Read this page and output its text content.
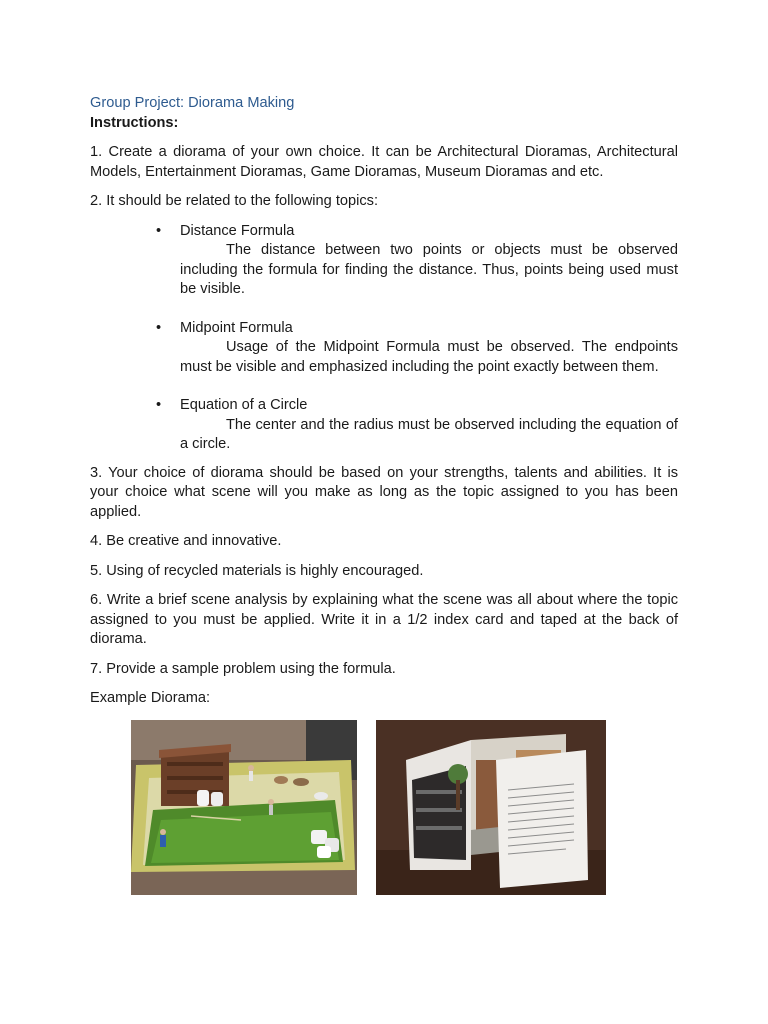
Group Project: Diorama Making
Instructions:

1. Create a diorama of your own choice. It can be Architectural Dioramas, Architectural Models, Entertainment Dioramas, Game Dioramas, Museum Dioramas and etc.

2. It should be related to the following topics:

• Distance Formula
The distance between two points or objects must be observed including the formula for finding the distance. Thus, points being used must be visible.
• Midpoint Formula
Usage of the Midpoint Formula must be observed. The endpoints must be visible and emphasized including the point exactly between them.
• Equation of a Circle
The center and the radius must be observed including the equation of a circle.

3. Your choice of diorama should be based on your strengths, talents and abilities. It is your choice what scene will you make as long as the topic assigned to you has been applied.

4. Be creative and innovative.

5. Using of recycled materials is highly encouraged.

6. Write a brief scene analysis by explaining what the scene was all about where the topic assigned to you must be applied. Write it in a 1/2 index card and taped at the back of diorama.

7. Provide a sample problem using the formula.

Example Diorama:
